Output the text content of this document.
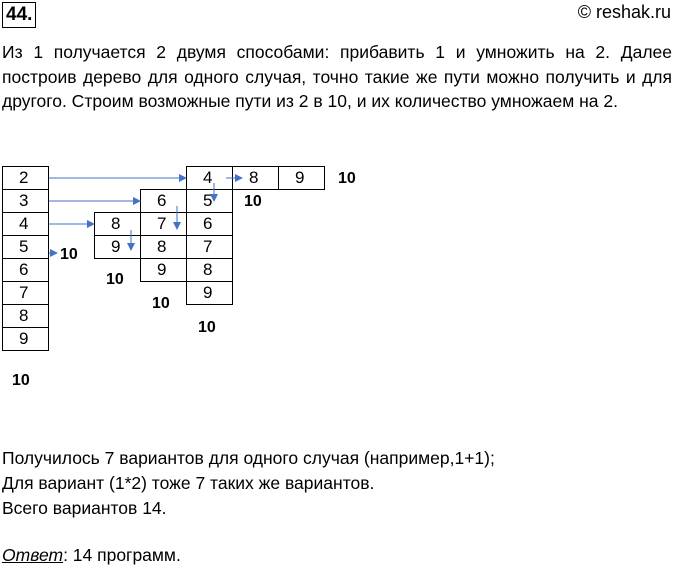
44.	© reshak.ru

Из 1 получается 2 двумя способами: прибавить 1 и умножить на 2. Далее построив дерево для одного случая, точно такие же пути можно получить и для другого. Строим возможные пути из 2 в 10, и их количество умножаем на 2.

2
3
4
5
6
7
8
9
10
10
8
9
10
6
7
8
9
10
4
5
6
7
8
9
10
10
8	9	10
Получилось 7 вариантов для одного случая (например,1+1);
Для вариант (1*2) тоже 7 таких же вариантов.
Всего вариантов 14.
Ответ: 14 программ.
